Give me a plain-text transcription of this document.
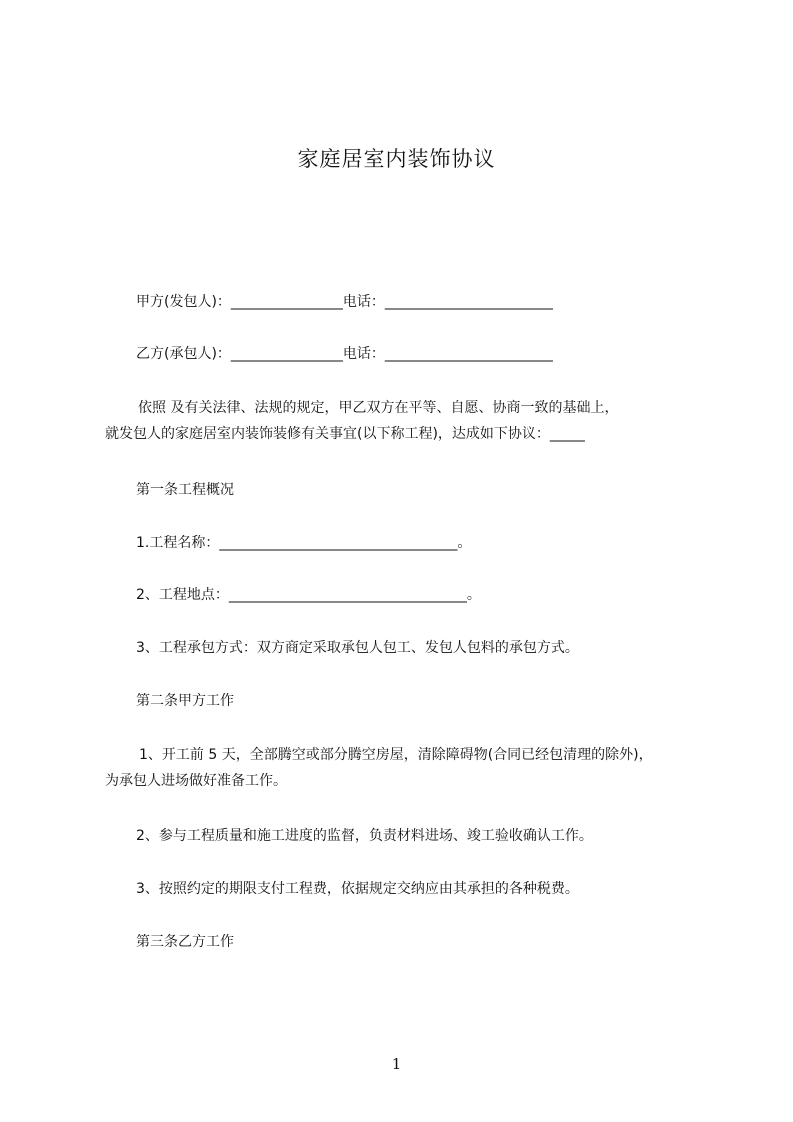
家庭居室内装饰协议
甲方(发包人)：________________电话：________________________
乙方(承包人)：________________电话：________________________
依照 及有关法律、法规的规定，甲乙双方在平等、自愿、协商一致的基础上，
就发包人的家庭居室内装饰装修有关事宜(以下称工程)，达成如下协议：_____
第一条工程概况
1.工程名称：__________________________________。
2、工程地点：__________________________________。
3、工程承包方式：双方商定采取承包人包工、发包人包料的承包方式。
第二条甲方工作
1、开工前 5 天，全部腾空或部分腾空房屋，清除障碍物(合同已经包清理的除外)，
为承包人进场做好准备工作。
2、参与工程质量和施工进度的监督，负责材料进场、竣工验收确认工作。
3、按照约定的期限支付工程费，依据规定交纳应由其承担的各种税费。
第三条乙方工作
1
